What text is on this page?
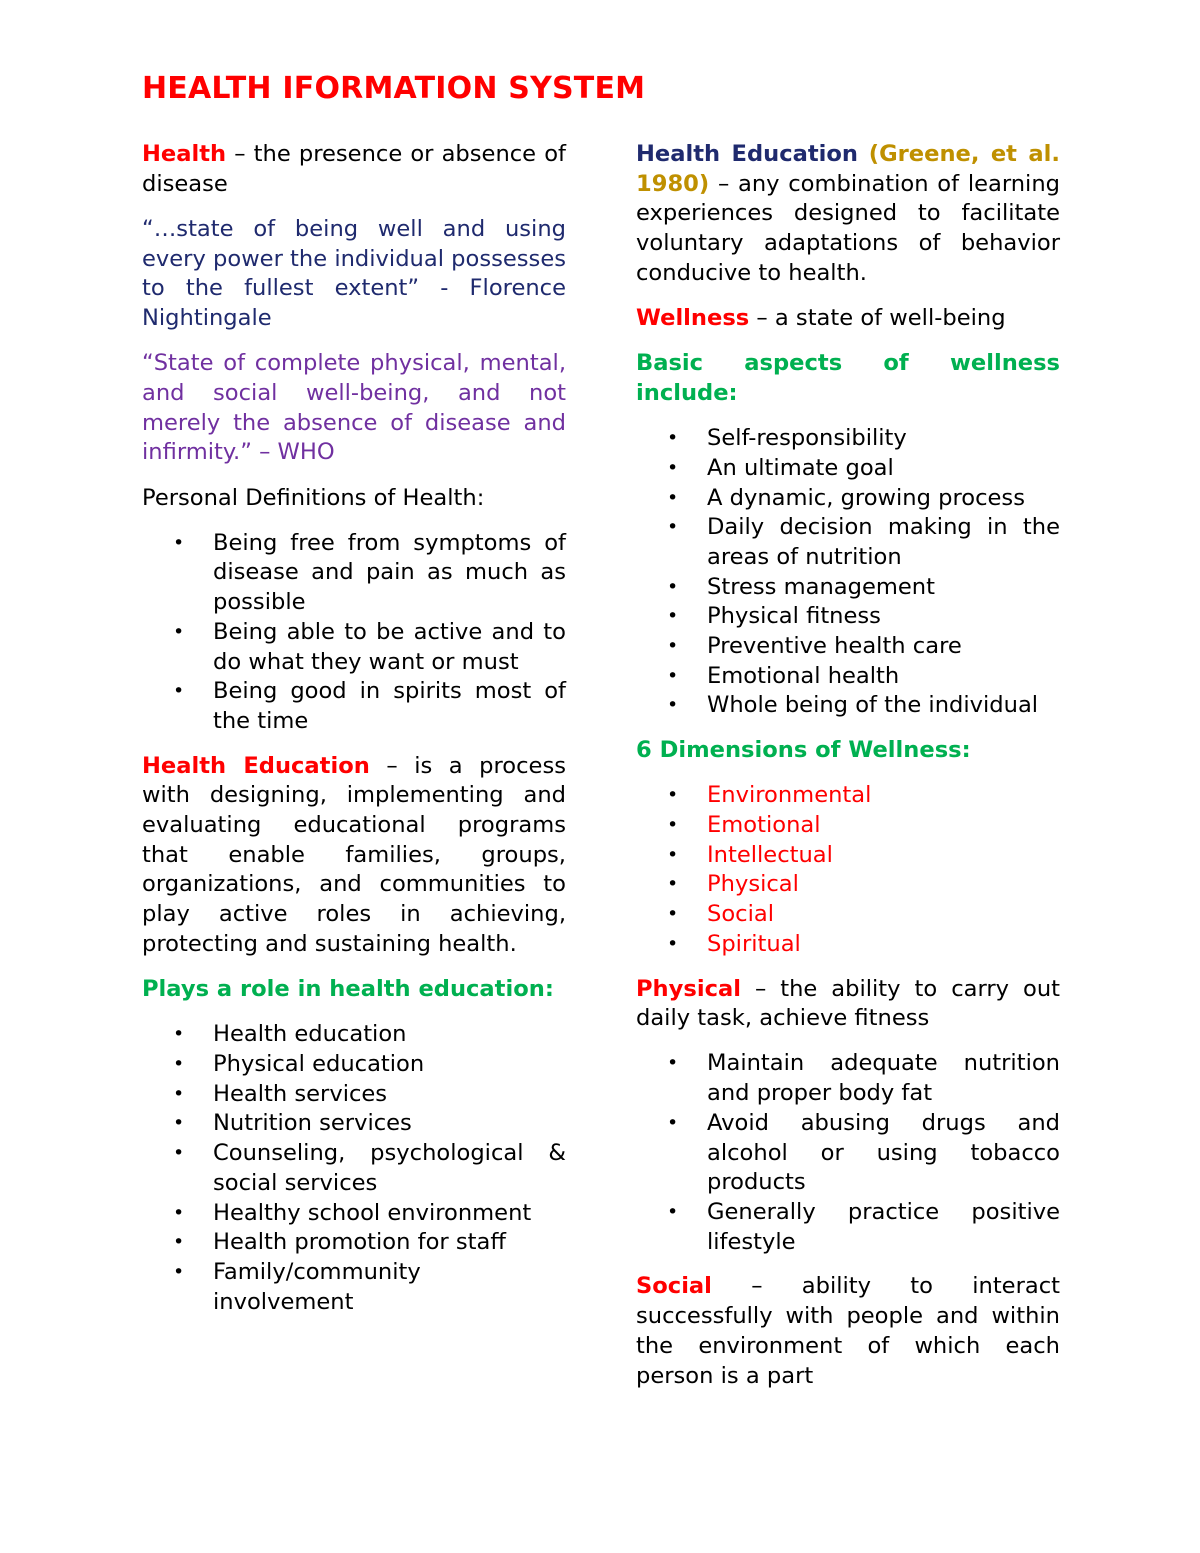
HEALTH IFORMATION SYSTEM

Health – the presence or absence of disease

“…state of being well and using every power the individual possesses to the fullest extent” - Florence Nightingale

“State of complete physical, mental, and social well-being, and not merely the absence of disease and infirmity.” – WHO

Personal Definitions of Health:

• Being free from symptoms of disease and pain as much as possible
• Being able to be active and to do what they want or must
• Being good in spirits most of the time

Health Education – is a process with designing, implementing and evaluating educational programs that enable families, groups, organizations, and communities to play active roles in achieving, protecting and sustaining health.

Plays a role in health education:

• Health education
• Physical education
• Health services
• Nutrition services
• Counseling, psychological & social services
• Healthy school environment
• Health promotion for staff
• Family/community involvement

Health Education (Greene, et al. 1980) – any combination of learning experiences designed to facilitate voluntary adaptations of behavior conducive to health.

Wellness – a state of well-being

Basic aspects of wellness include:

• Self-responsibility
• An ultimate goal
• A dynamic, growing process
• Daily decision making in the areas of nutrition
• Stress management
• Physical fitness
• Preventive health care
• Emotional health
• Whole being of the individual

6 Dimensions of Wellness:

• Environmental
• Emotional
• Intellectual
• Physical
• Social
• Spiritual

Physical – the ability to carry out daily task, achieve fitness

• Maintain adequate nutrition and proper body fat
• Avoid abusing drugs and alcohol or using tobacco products
• Generally practice positive lifestyle

Social – ability to interact successfully with people and within the environment of which each person is a part
